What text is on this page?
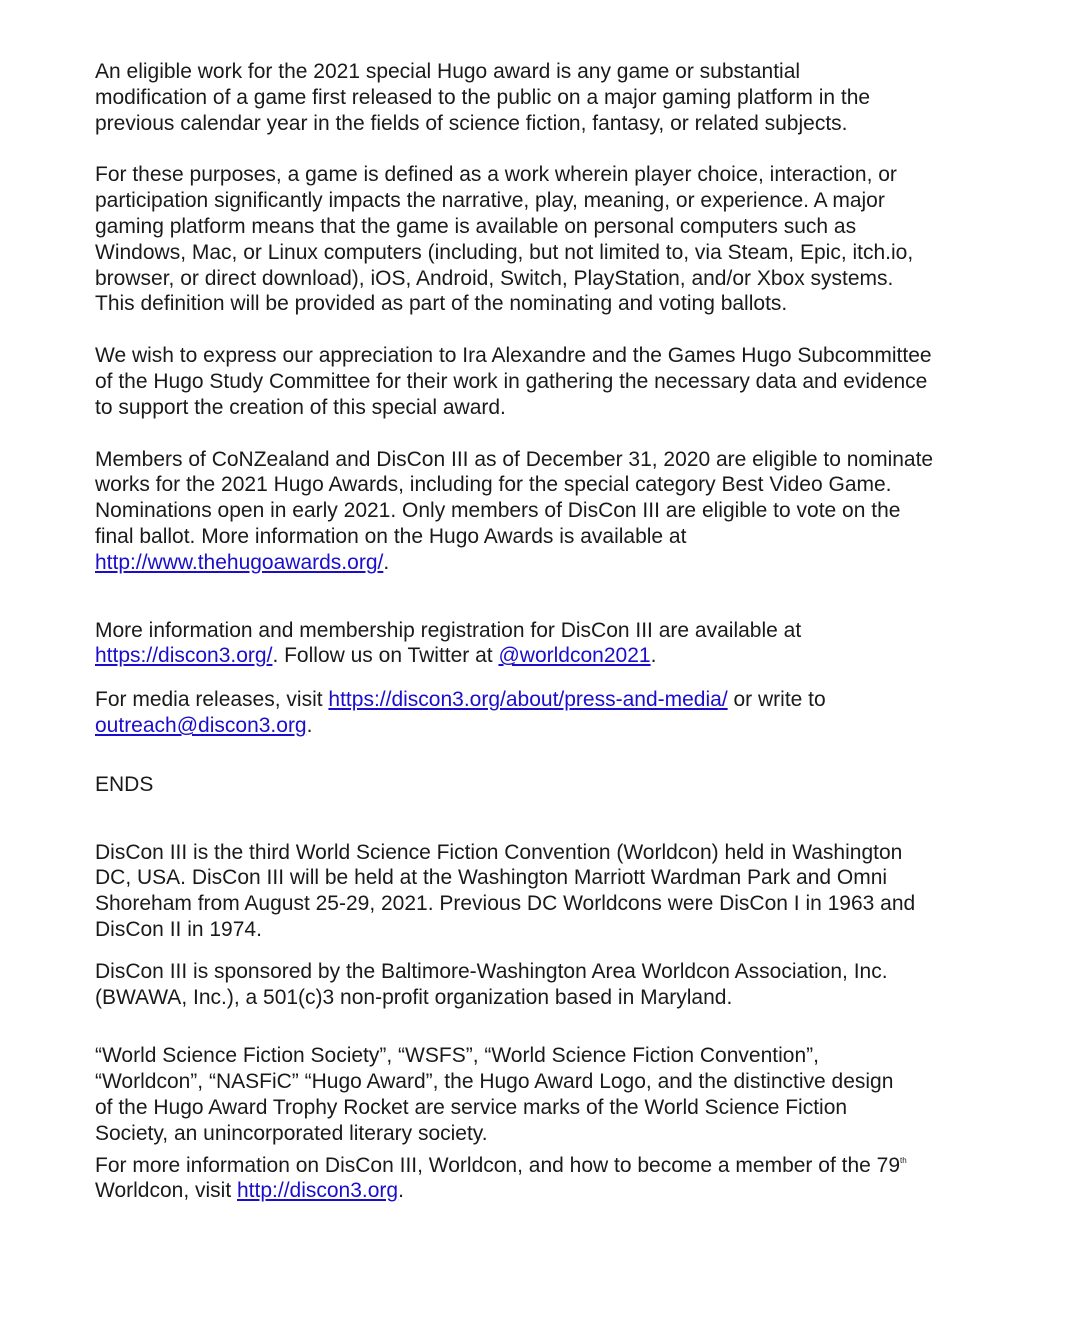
An eligible work for the 2021 special Hugo award is any game or substantial
modification of a game first released to the public on a major gaming platform in the
previous calendar year in the fields of science fiction, fantasy, or related subjects.

For these purposes, a game is defined as a work wherein player choice, interaction, or
participation significantly impacts the narrative, play, meaning, or experience. A major
gaming platform means that the game is available on personal computers such as
Windows, Mac, or Linux computers (including, but not limited to, via Steam, Epic, itch.io,
browser, or direct download), iOS, Android, Switch, PlayStation, and/or Xbox systems.
This definition will be provided as part of the nominating and voting ballots.

We wish to express our appreciation to Ira Alexandre and the Games Hugo Subcommittee
of the Hugo Study Committee for their work in gathering the necessary data and evidence
to support the creation of this special award.

Members of CoNZealand and DisCon III as of December 31, 2020 are eligible to nominate
works for the 2021 Hugo Awards, including for the special category Best Video Game.
Nominations open in early 2021. Only members of DisCon III are eligible to vote on the
final ballot. More information on the Hugo Awards is available at
http://www.thehugoawards.org/.

More information and membership registration for DisCon III are available at
https://discon3.org/. Follow us on Twitter at @worldcon2021.

For media releases, visit https://discon3.org/about/press-and-media/ or write to
outreach@discon3.org.

ENDS

DisCon III is the third World Science Fiction Convention (Worldcon) held in Washington
DC, USA. DisCon III will be held at the Washington Marriott Wardman Park and Omni
Shoreham from August 25-29, 2021. Previous DC Worldcons were DisCon I in 1963 and
DisCon II in 1974.

DisCon III is sponsored by the Baltimore-Washington Area Worldcon Association, Inc.
(BWAWA, Inc.), a 501(c)3 non-profit organization based in Maryland.

“World Science Fiction Society”, “WSFS”, “World Science Fiction Convention”,
“Worldcon”, “NASFiC” “Hugo Award”, the Hugo Award Logo, and the distinctive design
of the Hugo Award Trophy Rocket are service marks of the World Science Fiction
Society, an unincorporated literary society.

For more information on DisCon III, Worldcon, and how to become a member of the 79th
Worldcon, visit http://discon3.org.
